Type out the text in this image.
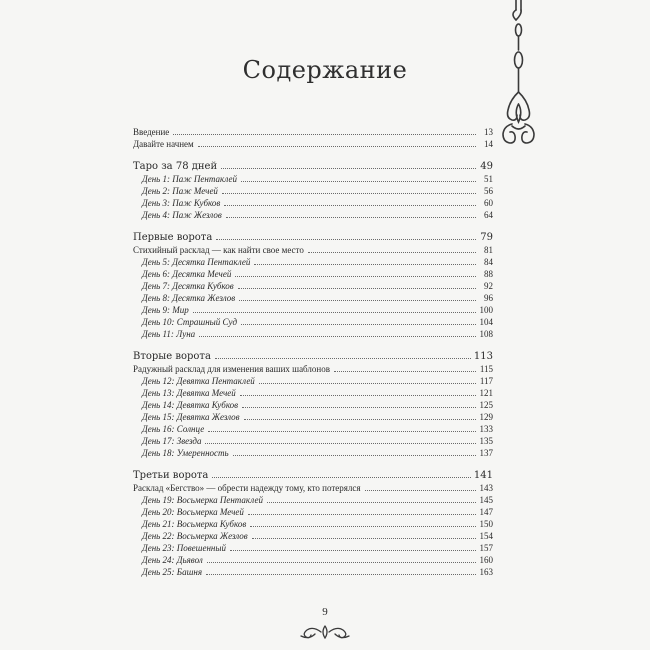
Содержание
Введение	13
Давайте начнем	14
Таро за 78 дней	49
День 1: Паж Пентаклей	51
День 2: Паж Мечей	56
День 3: Паж Кубков	60
День 4: Паж Жезлов	64
Первые ворота	79
Стихийный расклад — как найти свое место	81
День 5: Десятка Пентаклей	84
День 6: Десятка Мечей	88
День 7: Десятка Кубков	92
День 8: Десятка Жезлов	96
День 9: Мир	100
День 10: Страшный Суд	104
День 11: Луна	108
Вторые ворота	113
Радужный расклад для изменения ваших шаблонов	115
День 12: Девятка Пентаклей	117
День 13: Девятка Мечей	121
День 14: Девятка Кубков	125
День 15: Девятка Жезлов	129
День 16: Солнце	133
День 17: Звезда	135
День 18: Умеренность	137
Третьи ворота	141
Расклад «Бегство» — обрести надежду тому, кто потерялся	143
День 19: Восьмерка Пентаклей	145
День 20: Восьмерка Мечей	147
День 21: Восьмерка Кубков	150
День 22: Восьмерка Жезлов	154
День 23: Повешенный	157
День 24: Дьявол	160
День 25: Башня	163
9
